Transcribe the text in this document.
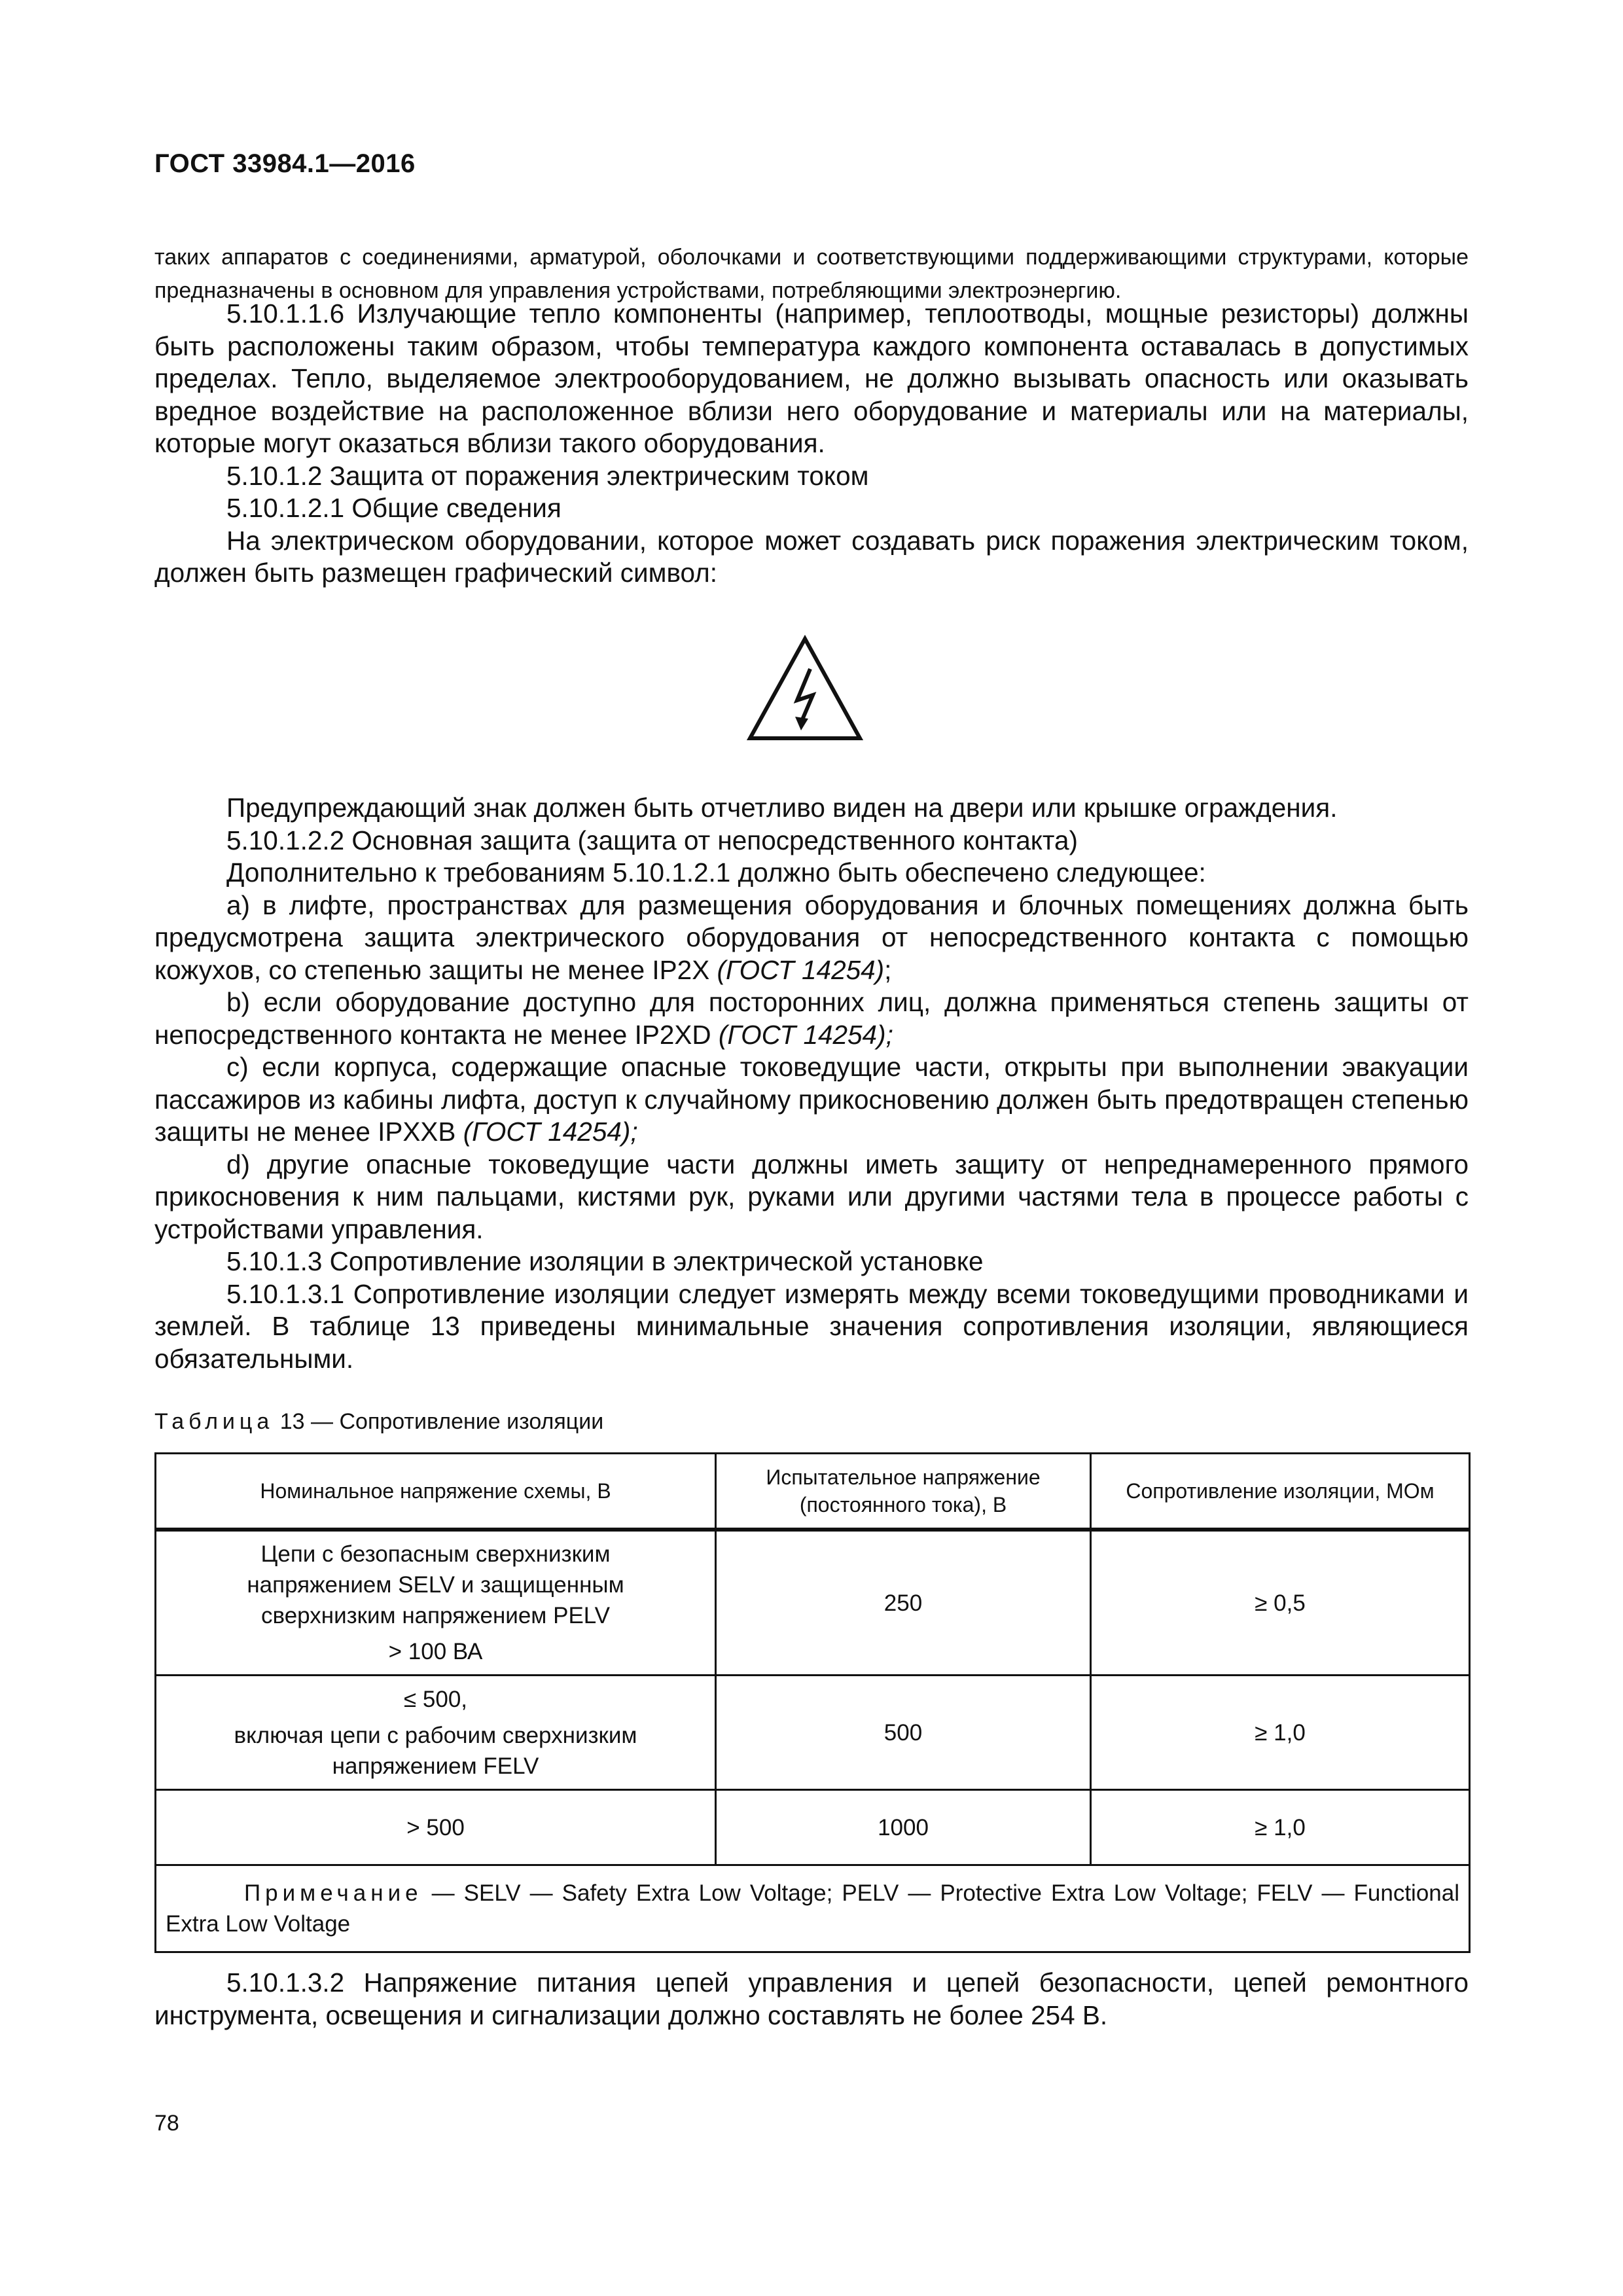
ГОСТ 33984.1—2016

таких аппаратов с соединениями, арматурой, оболочками и соответствующими поддерживающими структурами, которые предназначены в основном для управления устройствами, потребляющими электроэнергию.

5.10.1.1.6 Излучающие тепло компоненты (например, теплоотводы, мощные резисторы) должны быть расположены таким образом, чтобы температура каждого компонента оставалась в допустимых пределах. Тепло, выделяемое электрооборудованием, не должно вызывать опасность или оказывать вредное воздействие на расположенное вблизи него оборудование и материалы или на материалы, которые могут оказаться вблизи такого оборудования.

5.10.1.2 Защита от поражения электрическим током

5.10.1.2.1 Общие сведения

На электрическом оборудовании, которое может создавать риск поражения электрическим током, должен быть размещен графический символ:

Предупреждающий знак должен быть отчетливо виден на двери или крышке ограждения.

5.10.1.2.2 Основная защита (защита от непосредственного контакта)

Дополнительно к требованиям 5.10.1.2.1 должно быть обеспечено следующее:

а) в лифте, пространствах для размещения оборудования и блочных помещениях должна быть предусмотрена защита электрического оборудования от непосредственного контакта с помощью кожухов, со степенью защиты не менее IP2X (ГОСТ 14254);

b) если оборудование доступно для посторонних лиц, должна применяться степень защиты от непосредственного контакта не менее IP2XD (ГОСТ 14254);

с) если корпуса, содержащие опасные токоведущие части, открыты при выполнении эвакуации пассажиров из кабины лифта, доступ к случайному прикосновению должен быть предотвращен степенью защиты не менее IPXXB (ГОСТ 14254);

d) другие опасные токоведущие части должны иметь защиту от непреднамеренного прямого прикосновения к ним пальцами, кистями рук, руками или другими частями тела в процессе работы с устройствами управления.

5.10.1.3 Сопротивление изоляции в электрической установке

5.10.1.3.1 Сопротивление изоляции следует измерять между всеми токоведущими проводниками и землей. В таблице 13 приведены минимальные значения сопротивления изоляции, являющиеся обязательными.

Таблица 13 — Сопротивление изоляции
Номинальное напряжение схемы, В	Испытательное напряжение (постоянного тока), В	Сопротивление изоляции, МОм

Цепи с безопасным сверхнизким
напряжением SELV и защищенным
сверхнизким напряжением PELV
> 100 ВА	250	≥ 0,5

≤ 500,
включая цепи с рабочим сверхнизким
напряжением FELV	500	≥ 1,0

> 500	1000	≥ 1,0

Примечание — SELV — Safety Extra Low Voltage; PELV — Protective Extra Low Voltage; FELV — Functional Extra Low Voltage		

5.10.1.3.2 Напряжение питания цепей управления и цепей безопасности, цепей ремонтного инструмента, освещения и сигнализации должно составлять не более 254 В.

78
